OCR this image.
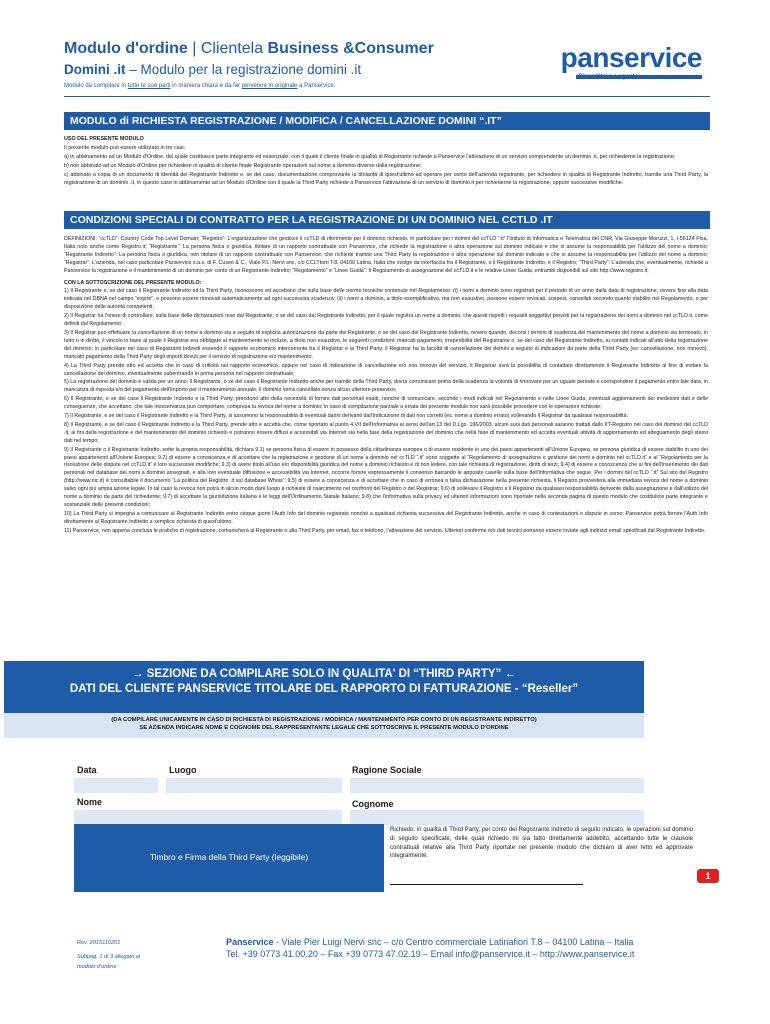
Modulo d'ordine | Clientela Business &Consumer
Domini .it – Modulo per la registrazione domini .it
Modulo da compilare in tutte le sue parti in maniera chiara e da far pervenire in originale a Panservice.
panservice
Rivenditore o agente:
MODULO di RICHIESTA REGISTRAZIONE / MODIFICA / CANCELLAZIONE DOMINI “.IT”

USO DEL PRESENTE MODULO

Il presente modulo può essere utilizzato in tre casi:

a) in abbinamento ad un Modulo d'Ordine, del quale costituisce parte integrante ed essenziale, con il quale il cliente finale in qualità di Registrante richiede a Panservice l'attivazione di un servizio comprendente un dominio .it, per richiederne la registrazione;

b) non abbinato ad un Modulo d'Ordine per richiedere in qualità di cliente finale Registrante operazioni sul nome a dominio diverse dalla registrazione;

c) abbinato a copia di un documento di identità del Registrante Indiretto e, se del caso, documentazione comprovante la titolarità di quest'ultimo ad operare per conto dell'azienda registrante, per richiedere in qualità di Registrante Indiretto, tramite una Third Party, la registrazione di un dominio .it, in questo caso in abbinamento ad un Modulo d'Ordine con il quale la Third Party richiede a Panservice l'attivazione di un servizio di dominio.it per richiederne la registrazione, oppure successive modifiche.

CONDIZIONI SPECIALI DI CONTRATTO PER LA REGISTRAZIONE DI UN DOMINIO NEL CCTLD .IT

DEFINIZIONI: “ccTLD”: Country Code Top Level Domain; “Registro”: L'organizzazione che gestisce il ccTLD di riferimento per il dominio richiesto. In particolare per i domini del ccTLD “.it” l'Istituto di Informatica e Telematica del CNR, Via Giuseppe Moruzzi, 1, I-56124 Pisa, Italia noto anche come Registro.it; “Registrante”: La persona fisica o giuridica, titolare di un rapporto contrattuale con Panservice, che richiede la registrazione o altra operazione sul dominio indicato e che si assume la responsabilità per l'utilizzo del nome a dominio; “Registrante Indiretto”: La persona fisica o giuridica, non titolare di un rapporto contrattuale con Panservice, che richiede tramite una Third Party la registrazione o altra operazione sul dominio indicato e che si assume la responsabilità per l'utilizzo del nome a dominio; “Registrar”: L'azienda, nel caso particolare Panservice s.a.s. di F. Cuseo & C., Viale P.L. Nervi snc, c/o CCLTtorri T.8, 04100 Latina, Italia che svolge da interfaccia fra il Registrante, o il Registrante Indiretto, e il Registro; “Third Party”: L'azienda che, eventualmente, richiede a Panservice la registrazione o il mantenimento di un dominio per conto di un Registrante Indiretto; “Regolamento” e “Linee Guida”: Il Regolamento di assegnazione del ccTLD.it e le relative Linee Guida, entrambi disponibili sul sito http://www.registro.it;

CON LA SOTTOSCRIZIONE DEL PRESENTE MODULO:

1) Il Registrante e, se del caso il Registrante Indiretto ed la Third Party, riconoscono ed accettano che sulla base delle norme tecniche contenute nel Regolamento: (i) i nomi a dominio sono registrati per il periodo di un anno dalla data di registrazione, ovvero fino alla data indicata nel DBNA nel campo “expire”, e possono essere rinnovati automaticamente ad ogni successiva scadenza; (ii) i nomi a dominio, a titolo esemplificativo, ma non esaustivo, possono essere revocati, sospesi, cancellati secondo quanto stabilito nel Regolamento, o per disposizione delle autorità competenti;

2) Il Registrar ha l'onere di controllare, sulla base delle dichiarazioni rese dal Registrante, o se del caso dal Registrante Indiretto, per il quale registra un nome a dominio, che questi rispetti i requisiti soggettivi previsti per la registrazione dei nomi a dominio nel ccTLD.it, come definiti dal Regolamento;

3) Il Registrar può effettuare la cancellazione di un nome a dominio sia a seguito di esplicita autorizzazione da parte del Registrante, o se del caso del Registrante Indiretto, ovvero quando, decorsi i termini di scadenza del mantenimento del nome a dominio sia terminato, in tutto o in diritto, il vincolo in base al quale il Registrar era obbligato al mantenimento ivi incluse, a titolo non esaustivo, le seguenti condizioni: mancati pagamenti, irreperibilità del Registrante o, se del caso del Registrante Indiretto, ai contatti indicati all'atto della registrazione del dominio; in particolare nel caso di Registranti Indiretti essendo il rapporto economico intercorrente fra il Registrar e la Third Party, il Registrar ha la facoltà di cancellazione dei domini a seguito di indicazioni da parte della Third Party (es: cancellazione, non rinnovo), mancato pagamento della Third Party degli importi dovuti per il servizio di registrazione e/o mantenimento.

4) La Third Party prende atto ed accetta che in caso di criticità nel rapporto economico, oppure nel caso di indicazione di cancellazione e/o non rinnovo del servizio, il Registrar avrà la possibilità di contattare direttamente il Registrante Indiretto al fine di evitare la cancellazione del dominio, eventualmente subentrando in prima persona nel rapporto contrattuale;

5) La registrazione del dominio è valida per un anno; il Registrante, o se del caso il Registrante Indiretto anche per tramite della Third Party, dovrà comunicare prima della scadenza la volontà di rinnovare per un uguale periodo e corrispondere il pagamento entro tale data; in mancanza di risposta e/o del pagamento dell'importo per il mantenimento annuale, il dominio verrà cancellato senza alcun ulteriore preavviso;

6) Il Registrante, e se del caso il Registrante Indiretto e la Third Party, prendono atto della necessità di fornire dati personali esatti, nonché di comunicare, secondo i modi indicati nel Regolamento e nelle Linee Guida, eventuali aggiornamenti dei medesimi dati e delle conseguenze, che accettano, che tale inosservanza può comportare, compresa la revoca del nome a dominio; in caso di compilazione parziale o errata del presente modulo non sarà possibile procedere con le operazioni richieste;

7) Il Registrante, e se del caso il Registrante Indiretto e la Third Party, si assumono la responsabilità di eventuali danni derivanti dall'indicazione di dati non corretti (es. nome a dominio errato) sollevando il Registrar da qualsiasi responsabilità;

8) Il Registrante, e se del caso il Registrante Indiretto e la Third Party, prende atto e accetta che, come riportato al punto 4.VII dell'Informativa ai sensi dell'art.13 del D.Lgs. 196/2003, alcuni suoi dati personali saranno trattati dallo IIT-Registro nel caso del dominio del ccTLD .it, ai fini della registrazione e del mantenimento del dominio richiesto e potranno essere diffusi e accessibili via Internet sia nella fase della registrazione del dominio che nella fase di mantenimento ed accetta eventuali attività di aggiornamento ed adeguamento degli stessi dati nel tempo;

9) Il Registrante o il Registrante Indiretto, sotto la propria responsabilità, dichiara 9.1) se persona fisica di essere in possesso della cittadinanza europea o di essere residente in uno dei paesi appartenenti all'Unione Europea, se persona giuridica di essere stabilito in uno dei paesi appartenenti all'Unione Europea; 9.2) di essere a conoscenza e di accettare che la registrazione e gestione di un nome a dominio nel ccTLD “.it” sono soggette al “Regolamento di assegnazione e gestione dei nomi a dominio nel ccTLD.it” e al “Regolamento per la risoluzione delle dispute nel ccTLD.it” e loro successive modifiche; 9.3) di avere titolo all'uso e/o disponibilità giuridica del nome a dominio richiesto e di non ledere, con tale richiesta di registrazione, diritti di terzi; 9.4) di essere a conoscenza che ai fini dell'inserimento dei dati personali nel database dei nomi a dominio assegnati, e alla loro eventuale diffusione e accessibilità via Internet, occorre fornire espressamente il consenso barrando le apposite caselle sulla base dell'informativa che segue. Per i domini del ccTLD “.it” Sul sito del Registro (http://www.nic.it) è consultabile il documento “La politica del Registro .it sul database Whois”; 9.5) di essere a conoscenza e di accettare che in caso di erronea o falsa dichiarazione nella presente richiesta, il Registro provvederà alla immediata revoca del nome a dominio salvo ogni più ampia azione legale. In tal caso la revoca non potrà in alcun modo dare luogo a richieste di risarcimento nei confronti del Registro o del Registrar; 9.6) di sollevare il Registro e il Registrar da qualsiasi responsabilità derivante dalla assegnazione e dall'utilizzo del nome a dominio da parte del richiedente; 9.7) di accettare la giurisdizione italiana e le leggi dell'Ordinamento Statale Italiano; 9.8) che l'informativa sulla privacy ed ulteriori informazioni sono riportate nella seconda pagina di questo modulo che costituisce parte integrante e sostanziale delle presenti condizioni;

10) La Third Party si impegna a comunicare al Registrante Indiretto entro cinque giorni l'Auth Info del dominio registrato nonché a qualsiasi richiesta successiva del Registrante Indiretto, anche in caso di contestazioni o dispute in corso; Panservice potrà fornire l'Auth Info direttamente al Registrante Indiretto a semplice richiesta di quest'ultimo.

11) Panservice, non appena conclusa le pratiche di registrazione, comunicherà al Registrante o alla Third Party, per email, fax o telefono, l'attivazione del servizio. Ulteriori conferme e/o dati tecnici potranno essere inviate agli indirizzi email specificati dal Registrante Indiretto.

→ SEZIONE DA COMPILARE SOLO IN QUALITA' DI “THIRD PARTY” ←
DATI DEL CLIENTE PANSERVICE TITOLARE DEL RAPPORTO DI FATTURAZIONE - “Reseller”
(DA COMPILARE UNICAMENTE IN CASO DI RICHIESTA DI REGISTRAZIONE / MODIFICA / MANTENIMENTO PER CONTO DI UN REGISTRANTE INDIRETTO)
SE AZIENDA INDICARE NOME E COGNOME DEL RAPPRESENTANTE LEGALE CHE SOTTOSCRIVE IL PRESENTE MODULO D'ORDINE
Data	Luogo	Ragione Sociale
Nome	Cognome
Timbro e Firma della Third Party (leggibile)
Richiedo, in qualità di Third Party, per conto del Registrante Indiretto di seguito indicato, le operazioni sul dominio di seguito specificate, delle quali richiedo mi sia fatto direttamente addebito, accettando tutte le clausole contrattuali relative alla Third Party riportate nel presente modulo che dichiaro di aver letto ed approvare integralmente.
1
Rev. 2015110201
Subpag. 1 di 3 allegato al
modulo d'ordine
Panservice - Viale Pier Luigi Nervi snc – c/o Centro commerciale Latinafiori T.8 – 04100 Latina – Italia
Tel. +39 0773 41.00.20 – Fax +39 0773 47.02.19 – Email info@panservice.it – http://www.panservice.it
